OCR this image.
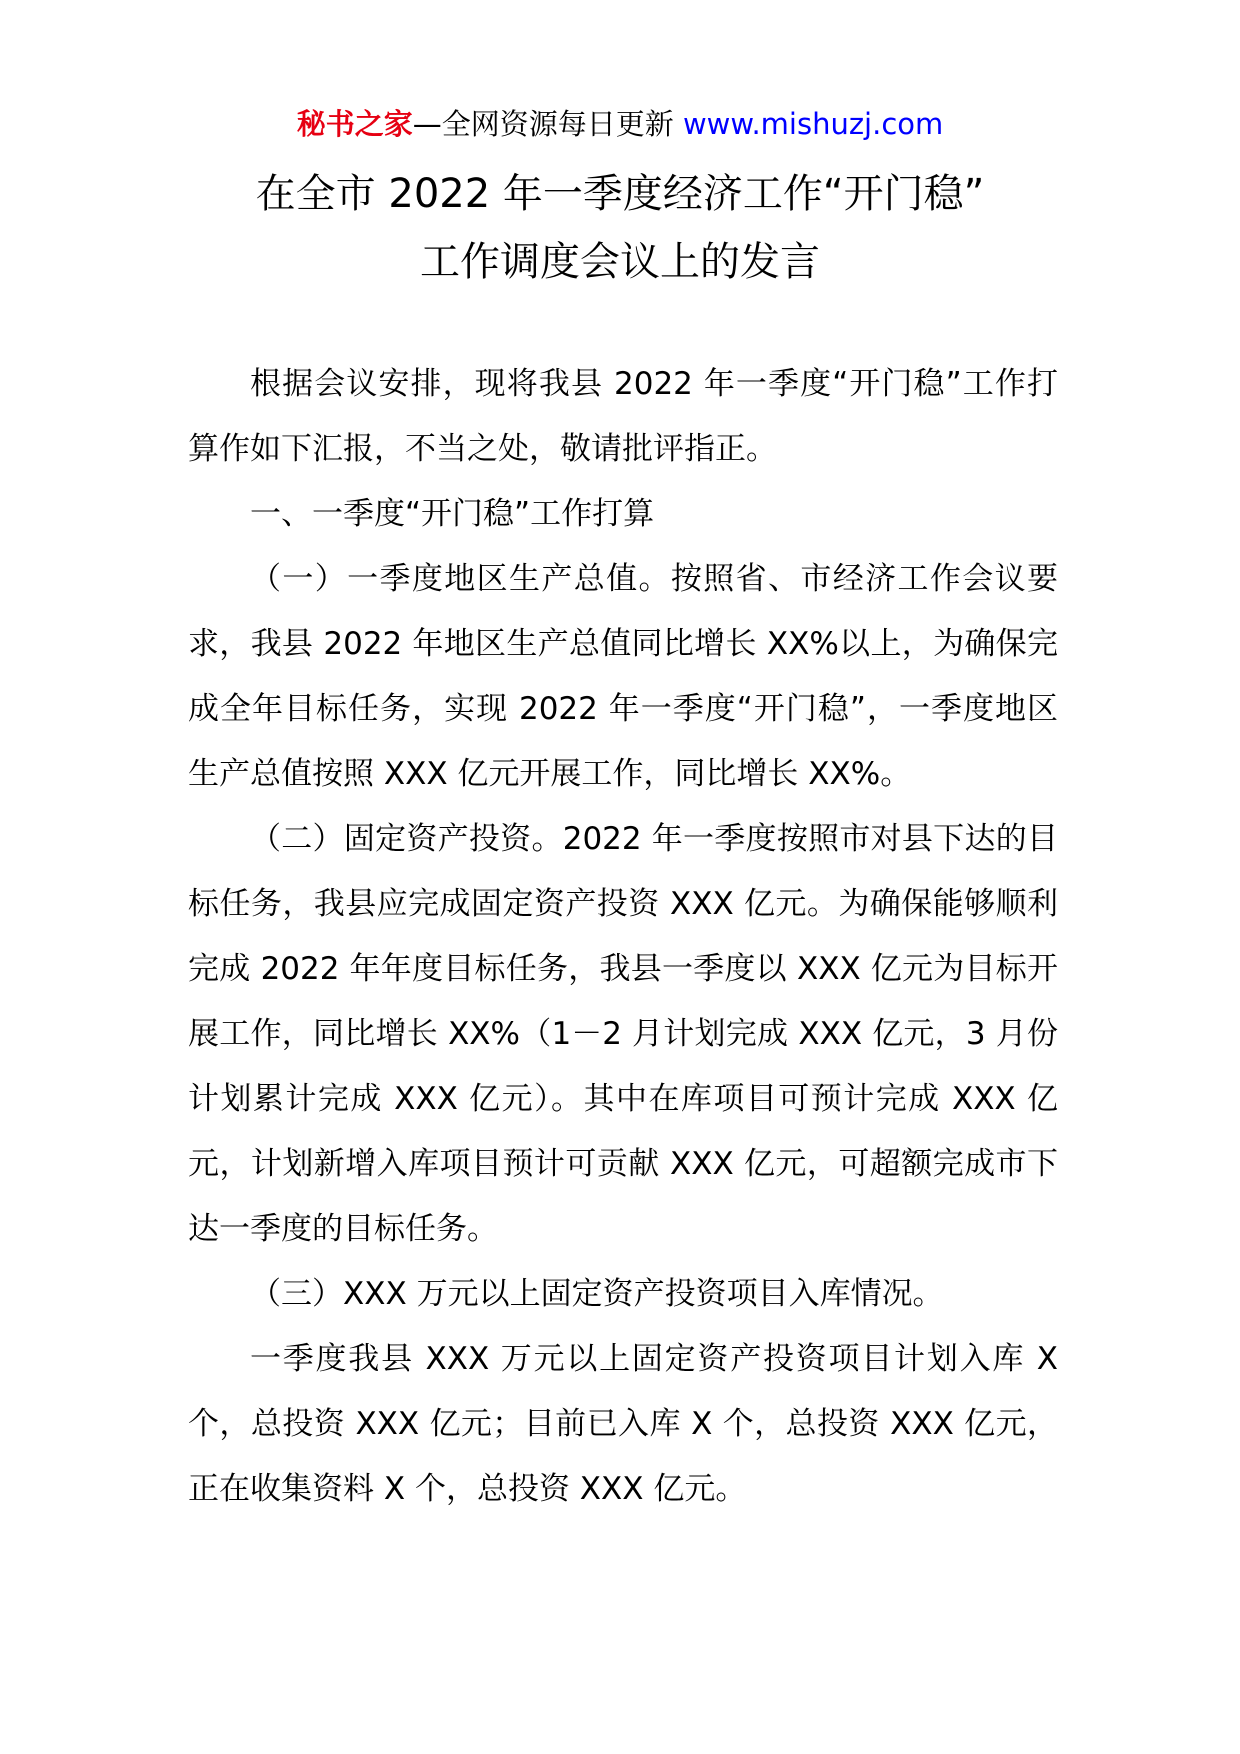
秘书之家—全网资源每日更新 www.mishuzj.com
在全市 2022 年一季度经济工作“开门稳”
工作调度会议上的发言

根据会议安排，现将我县 2022 年一季度“开门稳”工作打算作如下汇报，不当之处，敬请批评指正。

一、一季度“开门稳”工作打算

（一）一季度地区生产总值。按照省、市经济工作会议要求，我县 2022 年地区生产总值同比增长 XX%以上，为确保完成全年目标任务，实现 2022 年一季度“开门稳”，一季度地区生产总值按照 XXX 亿元开展工作，同比增长 XX%。

（二）固定资产投资。2022 年一季度按照市对县下达的目标任务，我县应完成固定资产投资 XXX 亿元。为确保能够顺利完成 2022 年年度目标任务，我县一季度以 XXX 亿元为目标开展工作，同比增长 XX%（1－2 月计划完成 XXX 亿元，3 月份计划累计完成 XXX 亿元）。其中在库项目可预计完成 XXX 亿元，计划新增入库项目预计可贡献 XXX 亿元，可超额完成市下达一季度的目标任务。

（三）XXX 万元以上固定资产投资项目入库情况。

一季度我县 XXX 万元以上固定资产投资项目计划入库 X 个，总投资 XXX 亿元；目前已入库 X 个，总投资 XXX 亿元，正在收集资料 X 个，总投资 XXX 亿元。
